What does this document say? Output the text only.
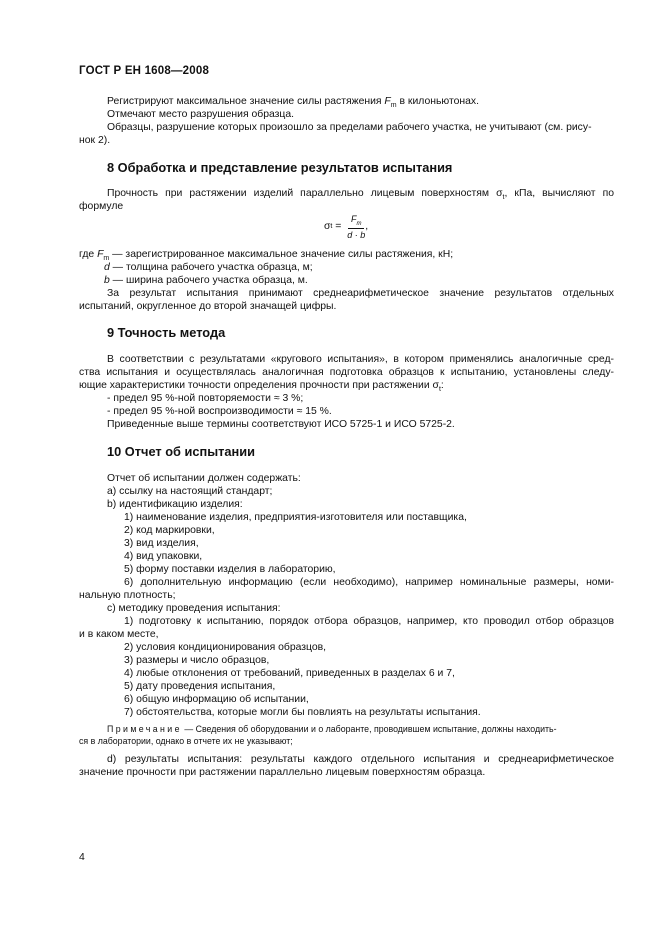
ГОСТ Р ЕН 1608—2008
Регистрируют максимальное значение силы растяжения $F_m$ в килоньютонах.
Отмечают место разрушения образца.
Образцы, разрушение которых произошло за пределами рабочего участка, не учитывают (см. рису-
нок 2).
8 Обработка и представление результатов испытания
Прочность при растяжении изделий параллельно лицевым поверхностям $\sigma_t$, кПа, вычисляют по
формуле
σ $t = \frac{F_m}{d \cdot b}$ ,
где $F_m$ — зарегистрированное максимальное значение силы растяжения, кН;
d — толщина рабочего участка образца, м;
b — ширина рабочего участка образца, м.
За результат испытания принимают среднеарифметическое значение результатов отдельных
испытаний, округленное до второй значащей цифры.
9 Точность метода
В соответствии с результатами «кругового испытания», в котором применялись аналогичные сред-
ства испытания и осуществлялась аналогичная подготовка образцов к испытанию, установлены следу-
ющие характеристики точности определения прочности при растяжении $\sigma_t$:
- предел 95 %-ной повторяемости ≈ 3 %;
- предел 95 %-ной воспроизводимости ≈ 15 %.
Приведенные выше термины соответствуют ИСО 5725-1 и ИСО 5725-2.
10 Отчет об испытании
Отчет об испытании должен содержать:
a) ссылку на настоящий стандарт;
b) идентификацию изделия:
1) наименование изделия, предприятия-изготовителя или поставщика,
2) код маркировки,
3) вид изделия,
4) вид упаковки,
5) форму поставки изделия в лабораторию,
6) дополнительную информацию (если необходимо), например номинальные размеры, номи-
нальную плотность;
c) методику проведения испытания:
1) подготовку к испытанию, порядок отбора образцов, например, кто проводил отбор образцов
и в каком месте,
2) условия кондиционирования образцов,
3) размеры и число образцов,
4) любые отклонения от требований, приведенных в разделах 6 и 7,
5) дату проведения испытания,
6) общую информацию об испытании,
7) обстоятельства, которые могли бы повлиять на результаты испытания.
Примечание — Сведения об оборудовании и о лаборанте, проводившем испытание, должны находить-
ся в лаборатории, однако в отчете их не указывают;
d) результаты испытания: результаты каждого отдельного испытания и среднеарифметическое
значение прочности при растяжении параллельно лицевым поверхностям образца.
4
